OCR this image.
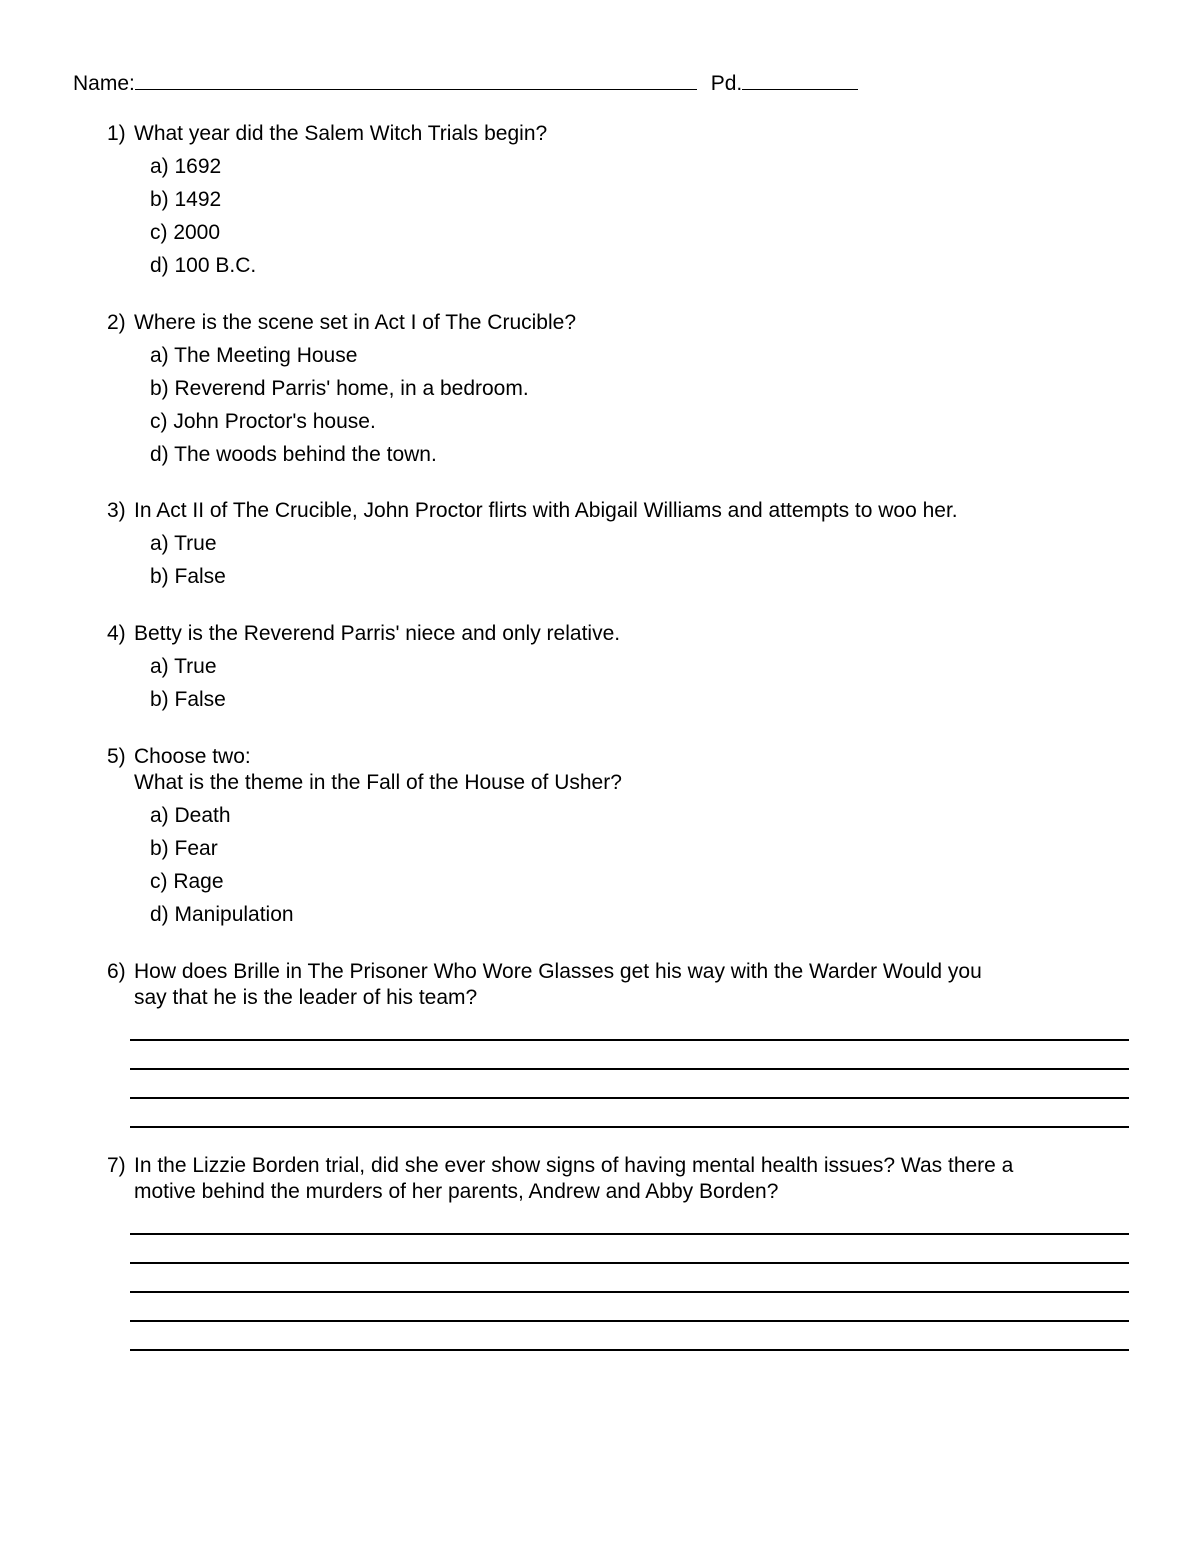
Name:	Pd.
1) What year did the Salem Witch Trials begin?
a) 1692
b) 1492
c) 2000
d) 100 B.C.
2) Where is the scene set in Act I of The Crucible?
a) The Meeting House
b) Reverend Parris' home, in a bedroom.
c) John Proctor's house.
d) The woods behind the town.
3) In Act II of The Crucible, John Proctor flirts with Abigail Williams and attempts to woo her.
a) True
b) False
4) Betty is the Reverend Parris' niece and only relative.
a) True
b) False
5) Choose two:
What is the theme in the Fall of the House of Usher?
a) Death
b) Fear
c) Rage
d) Manipulation
6) How does Brille in The Prisoner Who Wore Glasses get his way with the Warder Would you
say that he is the leader of his team?
7) In the Lizzie Borden trial, did she ever show signs of having mental health issues? Was there a
motive behind the murders of her parents, Andrew and Abby Borden?
